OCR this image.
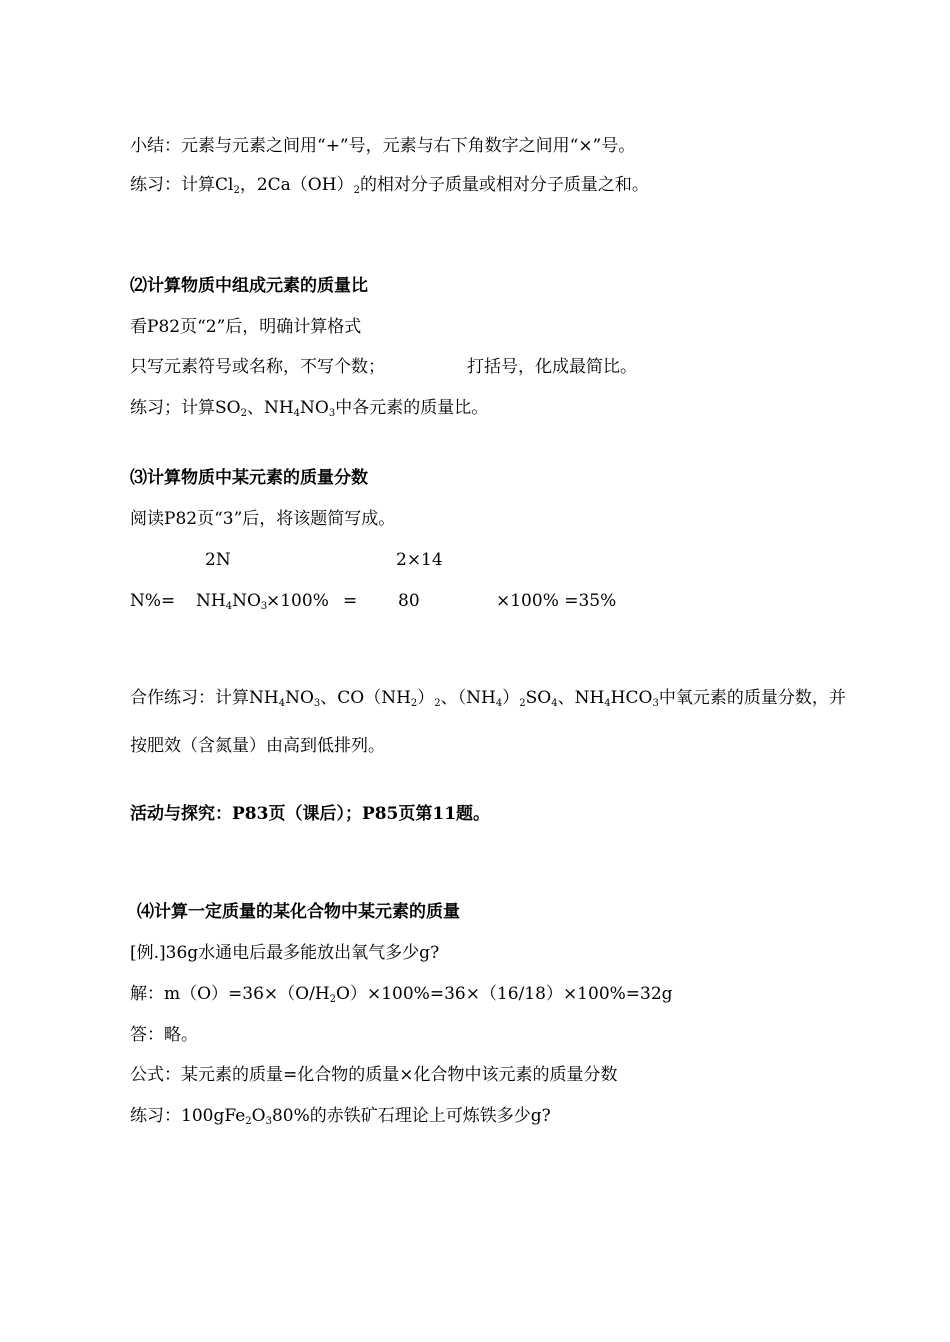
小结：元素与元素之间用“+”号，元素与右下角数字之间用“×”号。
练习：计算$Cl_2$，$2Ca(OH)_2$的相对分子质量或相对分子质量之和。
⑵计算物质中组成元素的质量比
看P82页“2”后，明确计算格式
只写元素符号或名称，不写个数；	打括号，化成最简比。
练习；计算$SO_2$、$NH_4NO_3$中各元素的质量比。
⑶计算物质中某元素的质量分数
阅读P82页“3”后，将该题简写成。
2N	2×14
$N\%= NH_4NO_3$
×100% = 80	×100% =35%
合作练习：计算$NH_4NO_3$、$CO(NH_2)_2$、$(NH_4)_2SO_4$、$NH_4HCO_3$中氧元素的质量分数，并
按肥效（含氮量）由高到低排列。
活动与探究：P83页（课后）；P85页第11题。
⑷计算一定质量的某化合物中某元素的质量
[例.]36g水通电后最多能放出氧气多少g?
解：$m(O)=36\times(O/H_2O)\times 100\%=36\times(16/18)\times 100\%=32g$
答：略。
公式：某元素的质量=化合物的质量×化合物中该元素的质量分数
练习：$100gFe_2O_380\%$的赤铁矿石理论上可炼铁多少g?
